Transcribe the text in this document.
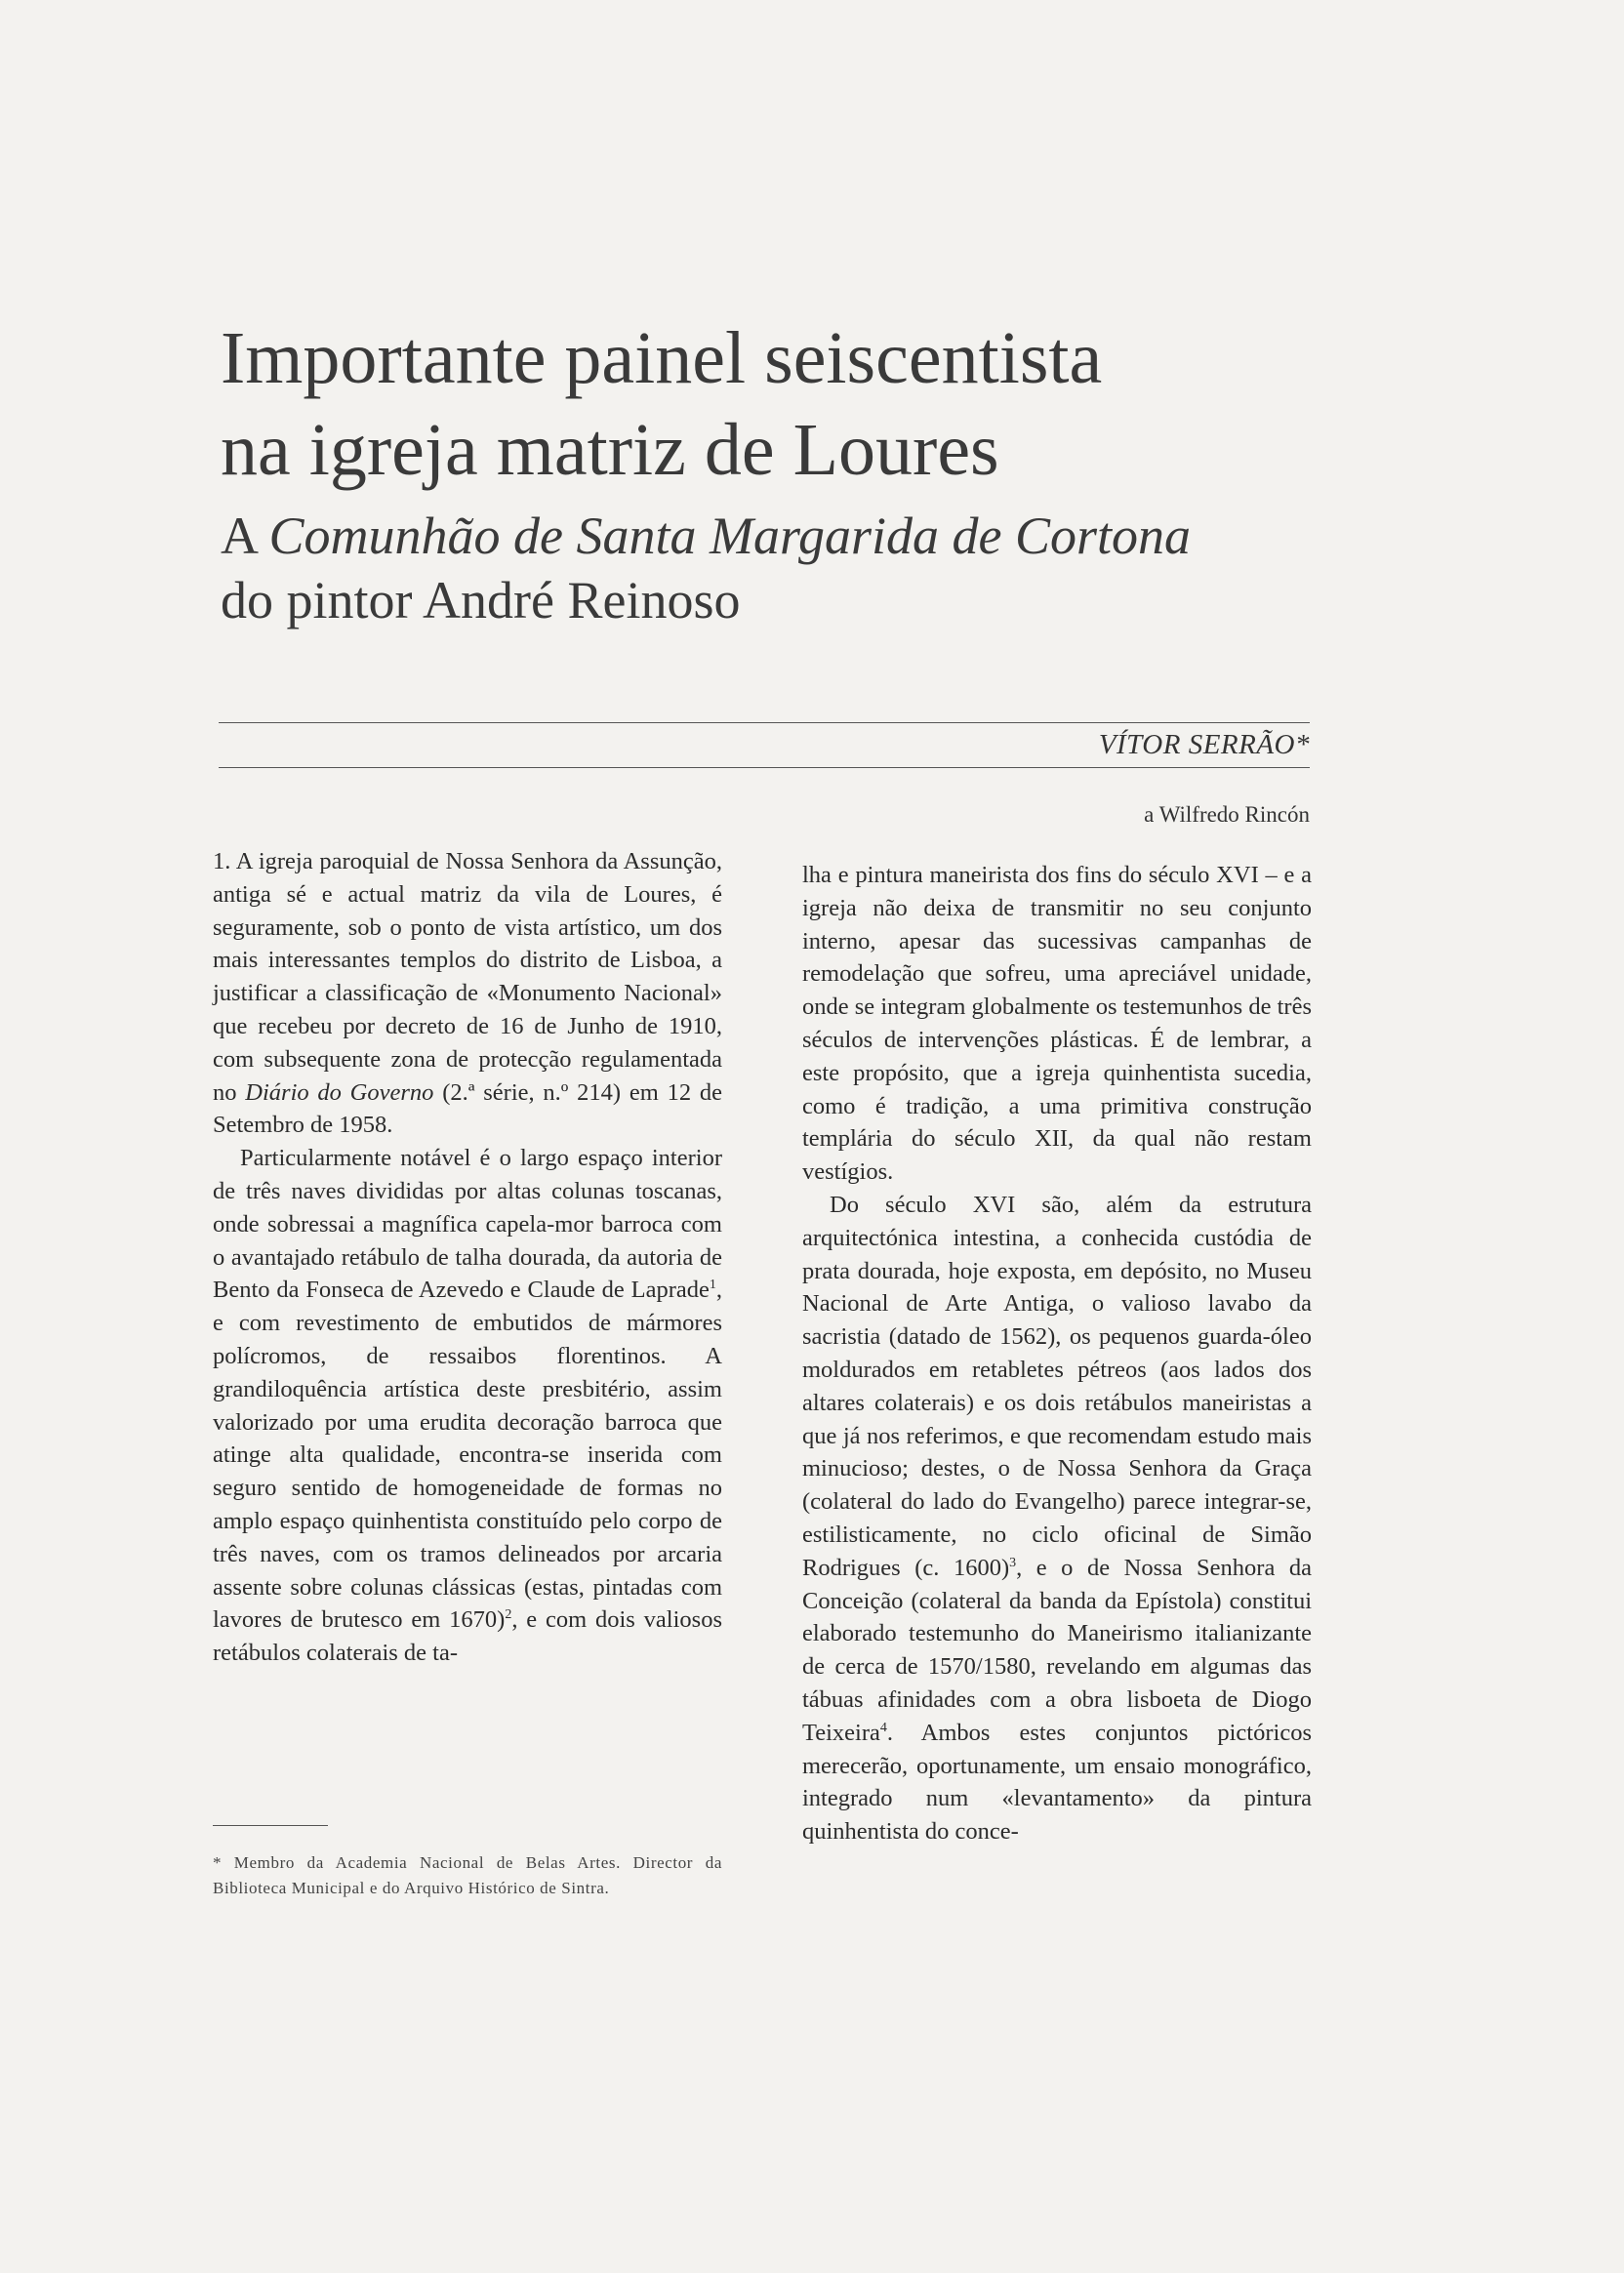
Importante painel seiscentista
na igreja matriz de Loures
A Comunhão de Santa Margarida de Cortona
do pintor André Reinoso
VÍTOR SERRÃO*
a Wilfredo Rincón

1. A igreja paroquial de Nossa Senhora da Assunção, antiga sé e actual matriz da vila de Loures, é seguramente, sob o ponto de vista artístico, um dos mais interessantes templos do distrito de Lisboa, a justificar a classificação de «Monumento Nacional» que recebeu por decreto de 16 de Junho de 1910, com subsequente zona de protecção regulamentada no Diário do Governo (2.ª série, n.º 214) em 12 de Setembro de 1958.

Particularmente notável é o largo espaço interior de três naves divididas por altas colunas toscanas, onde sobressai a magnífica capela-mor barroca com o avantajado retábulo de talha dourada, da autoria de Bento da Fonseca de Azevedo e Claude de Laprade$^1$, e com revestimento de embutidos de mármores polícromos, de ressaibos florentinos. A grandiloquência artística deste presbitério, assim valorizado por uma erudita decoração barroca que atinge alta qualidade, encontra-se inserida com seguro sentido de homogeneidade de formas no amplo espaço quinhentista constituído pelo corpo de três naves, com os tramos delineados por arcaria assente sobre colunas clássicas (estas, pintadas com lavores de brutesco em 1670)$^2$, e com dois valiosos retábulos colaterais de ta-

lha e pintura maneirista dos fins do século XVI – e a igreja não deixa de transmitir no seu conjunto interno, apesar das sucessivas campanhas de remodelação que sofreu, uma apreciável unidade, onde se integram globalmente os testemunhos de três séculos de intervenções plásticas. É de lembrar, a este propósito, que a igreja quinhentista sucedia, como é tradição, a uma primitiva construção templária do século XII, da qual não restam vestígios.

Do século XVI são, além da estrutura arquitectónica intestina, a conhecida custódia de prata dourada, hoje exposta, em depósito, no Museu Nacional de Arte Antiga, o valioso lavabo da sacristia (datado de 1562), os pequenos guarda-óleo moldurados em retabletes pétreos (aos lados dos altares colaterais) e os dois retábulos maneiristas a que já nos referimos, e que recomendam estudo mais minucioso; destes, o de Nossa Senhora da Graça (colateral do lado do Evangelho) parece integrar-se, estilisticamente, no ciclo oficinal de Simão Rodrigues (c. 1600)$^3$, e o de Nossa Senhora da Conceição (colateral da banda da Epístola) constitui elaborado testemunho do Maneirismo italianizante de cerca de 1570/1580, revelando em algumas das tábuas afinidades com a obra lisboeta de Diogo Teixeira$^4$. Ambos estes conjuntos pictóricos merecerão, oportunamente, um ensaio monográfico, integrado num «levantamento» da pintura quinhentista do conce-

* Membro da Academia Nacional de Belas Artes. Director da Biblioteca Municipal e do Arquivo Histórico de Sintra.
